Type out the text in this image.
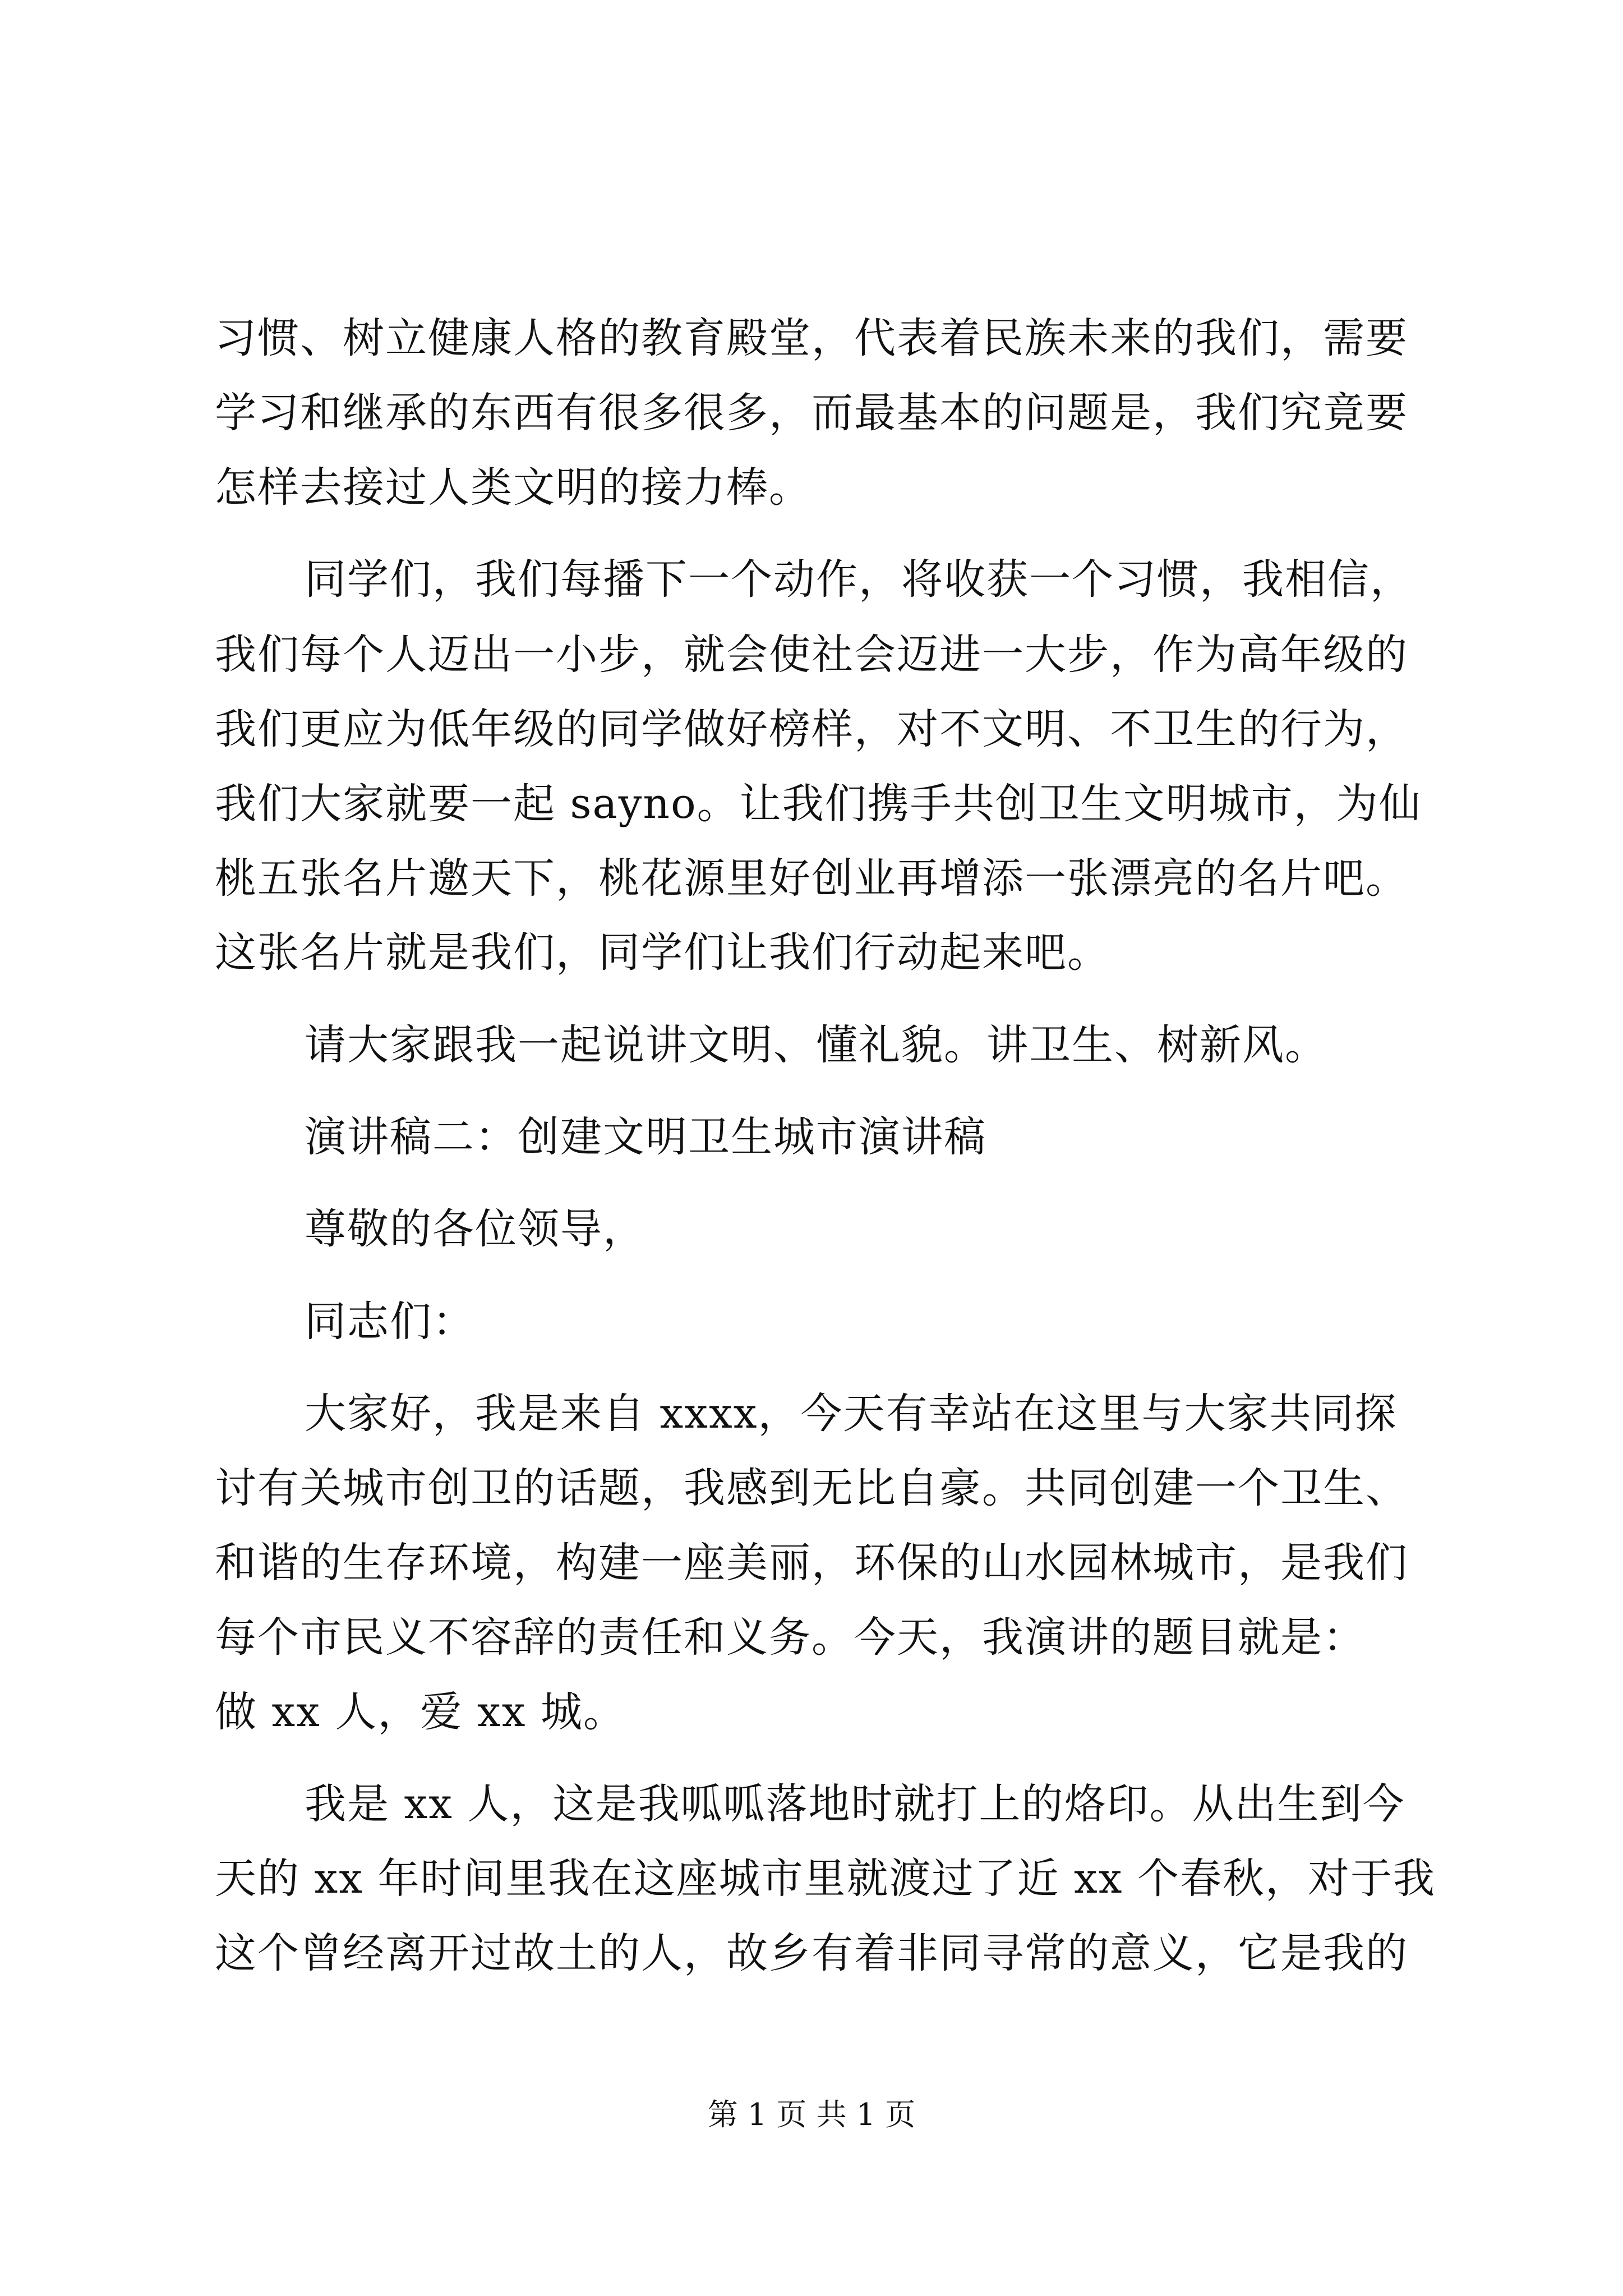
习惯、树立健康人格的教育殿堂，代表着民族未来的我们，需要
学习和继承的东西有很多很多，而最基本的问题是，我们究竟要
怎样去接过人类文明的接力棒。
同学们，我们每播下一个动作，将收获一个习惯，我相信，
我们每个人迈出一小步，就会使社会迈进一大步，作为高年级的
我们更应为低年级的同学做好榜样，对不文明、不卫生的行为，
我们大家就要一起 sayno。让我们携手共创卫生文明城市，为仙
桃五张名片邀天下，桃花源里好创业再增添一张漂亮的名片吧。
这张名片就是我们，同学们让我们行动起来吧。
请大家跟我一起说讲文明、懂礼貌。讲卫生、树新风。
演讲稿二：创建文明卫生城市演讲稿
尊敬的各位领导，
同志们：
大家好，我是来自 xxxx，今天有幸站在这里与大家共同探
讨有关城市创卫的话题，我感到无比自豪。共同创建一个卫生、
和谐的生存环境，构建一座美丽，环保的山水园林城市，是我们
每个市民义不容辞的责任和义务。今天，我演讲的题目就是：
做 xx 人，爱 xx 城。
我是 xx 人，这是我呱呱落地时就打上的烙印。从出生到今
天的 xx 年时间里我在这座城市里就渡过了近 xx 个春秋，对于我
这个曾经离开过故土的人，故乡有着非同寻常的意义，它是我的
第 1 页 共 1 页
